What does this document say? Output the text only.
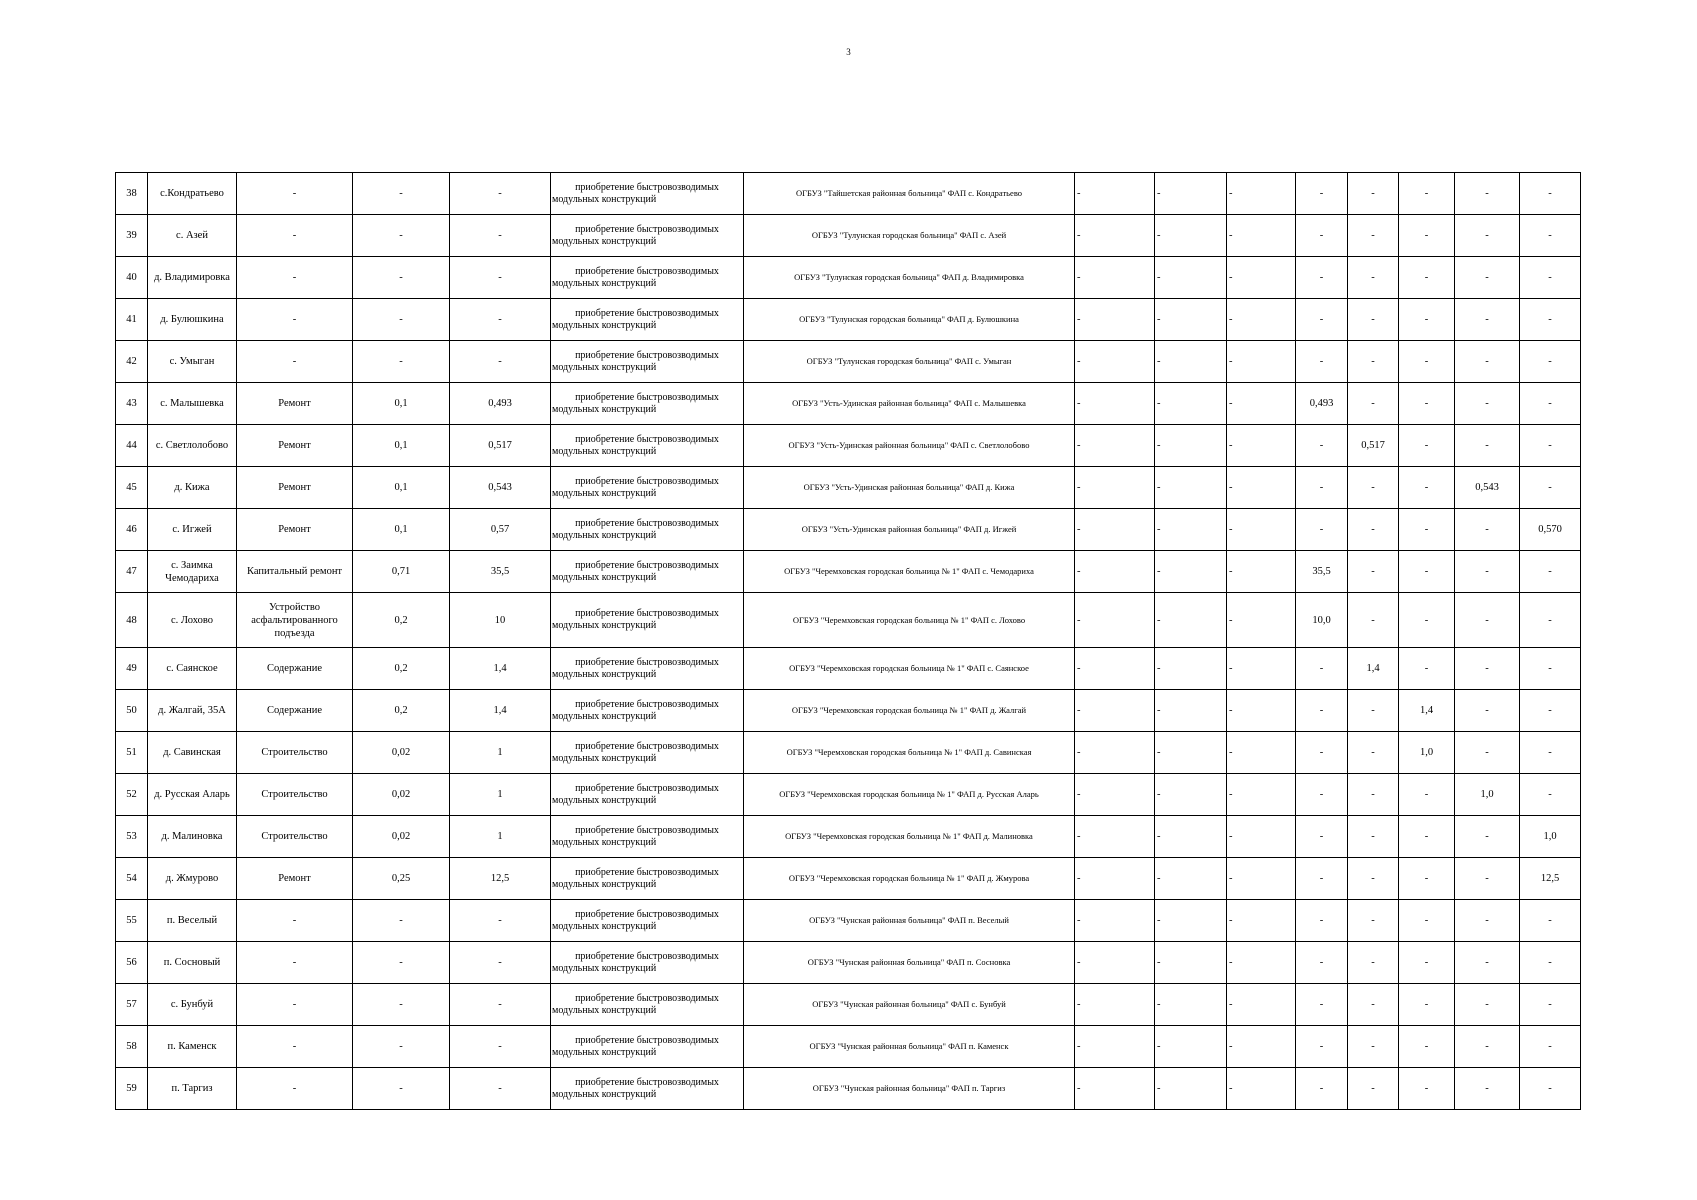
3
38	с.Кондратьево	-	-	-	приобретение быстровозводимых модульных конструкций	ОГБУЗ "Тайшетская районная больница" ФАП с. Кондратьево	-	-	-	-	-	-	-	-
39	с. Азей	-	-	-	приобретение быстровозводимых модульных конструкций	ОГБУЗ "Тулунская городская больница" ФАП с. Азей	-	-	-	-	-	-	-	-
40	д. Владимировка	-	-	-	приобретение быстровозводимых модульных конструкций	ОГБУЗ "Тулунская городская больница" ФАП д. Владимировка	-	-	-	-	-	-	-	-
41	д. Булюшкина	-	-	-	приобретение быстровозводимых модульных конструкций	ОГБУЗ "Тулунская городская больница" ФАП д. Булюшкина	-	-	-	-	-	-	-	-
42	с. Умыган	-	-	-	приобретение быстровозводимых модульных конструкций	ОГБУЗ "Тулунская городская больница" ФАП с. Умыган	-	-	-	-	-	-	-	-
43	с. Малышевка	Ремонт	0,1	0,493	приобретение быстровозводимых модульных конструкций	ОГБУЗ "Усть-Удинская районная больница" ФАП с. Малышевка	-	-	-	0,493	-	-	-	-
44	с. Светлолобово	Ремонт	0,1	0,517	приобретение быстровозводимых модульных конструкций	ОГБУЗ "Усть-Удинская районная больница" ФАП с. Светлолобово	-	-	-	-	0,517	-	-	-
45	д. Кижа	Ремонт	0,1	0,543	приобретение быстровозводимых модульных конструкций	ОГБУЗ "Усть-Удинская районная больница" ФАП д. Кижа	-	-	-	-	-	-	0,543	-
46	с. Игжей	Ремонт	0,1	0,57	приобретение быстровозводимых модульных конструкций	ОГБУЗ "Усть-Удинская районная больница" ФАП д. Игжей	-	-	-	-	-	-	-	0,570
47	с. Заимка Чемодариха	Капитальный ремонт	0,71	35,5	приобретение быстровозводимых модульных конструкций	ОГБУЗ "Черемховская городская больница № 1" ФАП с. Чемодариха	-	-	-	35,5	-	-	-	-
48	с. Лохово	Устройство асфальтированного подъезда	0,2	10	приобретение быстровозводимых модульных конструкций	ОГБУЗ "Черемховская городская больница № 1" ФАП с. Лохово	-	-	-	10,0	-	-	-	-
49	с. Саянское	Содержание	0,2	1,4	приобретение быстровозводимых модульных конструкций	ОГБУЗ "Черемховская городская больница № 1" ФАП с. Саянское	-	-	-	-	1,4	-	-	-
50	д. Жалгай, 35А	Содержание	0,2	1,4	приобретение быстровозводимых модульных конструкций	ОГБУЗ "Черемховская городская больница № 1" ФАП д. Жалгай	-	-	-	-	-	1,4	-	-
51	д. Савинская	Строительство	0,02	1	приобретение быстровозводимых модульных конструкций	ОГБУЗ "Черемховская городская больница № 1" ФАП д. Савинская	-	-	-	-	-	1,0	-	-
52	д. Русская Аларь	Строительство	0,02	1	приобретение быстровозводимых модульных конструкций	ОГБУЗ "Черемховская городская больница № 1" ФАП д. Русская Аларь	-	-	-	-	-	-	1,0	-
53	д. Малиновка	Строительство	0,02	1	приобретение быстровозводимых модульных конструкций	ОГБУЗ "Черемховская городская больница № 1" ФАП д. Малиновка	-	-	-	-	-	-	-	1,0
54	д. Жмурово	Ремонт	0,25	12,5	приобретение быстровозводимых модульных конструкций	ОГБУЗ "Черемховская городская больница № 1" ФАП д. Жмурова	-	-	-	-	-	-	-	12,5
55	п. Веселый	-	-	-	приобретение быстровозводимых модульных конструкций	ОГБУЗ "Чунская районная больница" ФАП п. Веселый	-	-	-	-	-	-	-	-
56	п. Сосновый	-	-	-	приобретение быстровозводимых модульных конструкций	ОГБУЗ "Чунская районная больница" ФАП п. Сосновка	-	-	-	-	-	-	-	-
57	с. Бунбуй	-	-	-	приобретение быстровозводимых модульных конструкций	ОГБУЗ "Чунская районная больница" ФАП с. Бунбуй	-	-	-	-	-	-	-	-
58	п. Каменск	-	-	-	приобретение быстровозводимых модульных конструкций	ОГБУЗ "Чунская районная больница" ФАП п. Каменск	-	-	-	-	-	-	-	-
59	п. Таргиз	-	-	-	приобретение быстровозводимых модульных конструкций	ОГБУЗ "Чунская районная больница" ФАП п. Таргиз	-	-	-	-	-	-	-	-
